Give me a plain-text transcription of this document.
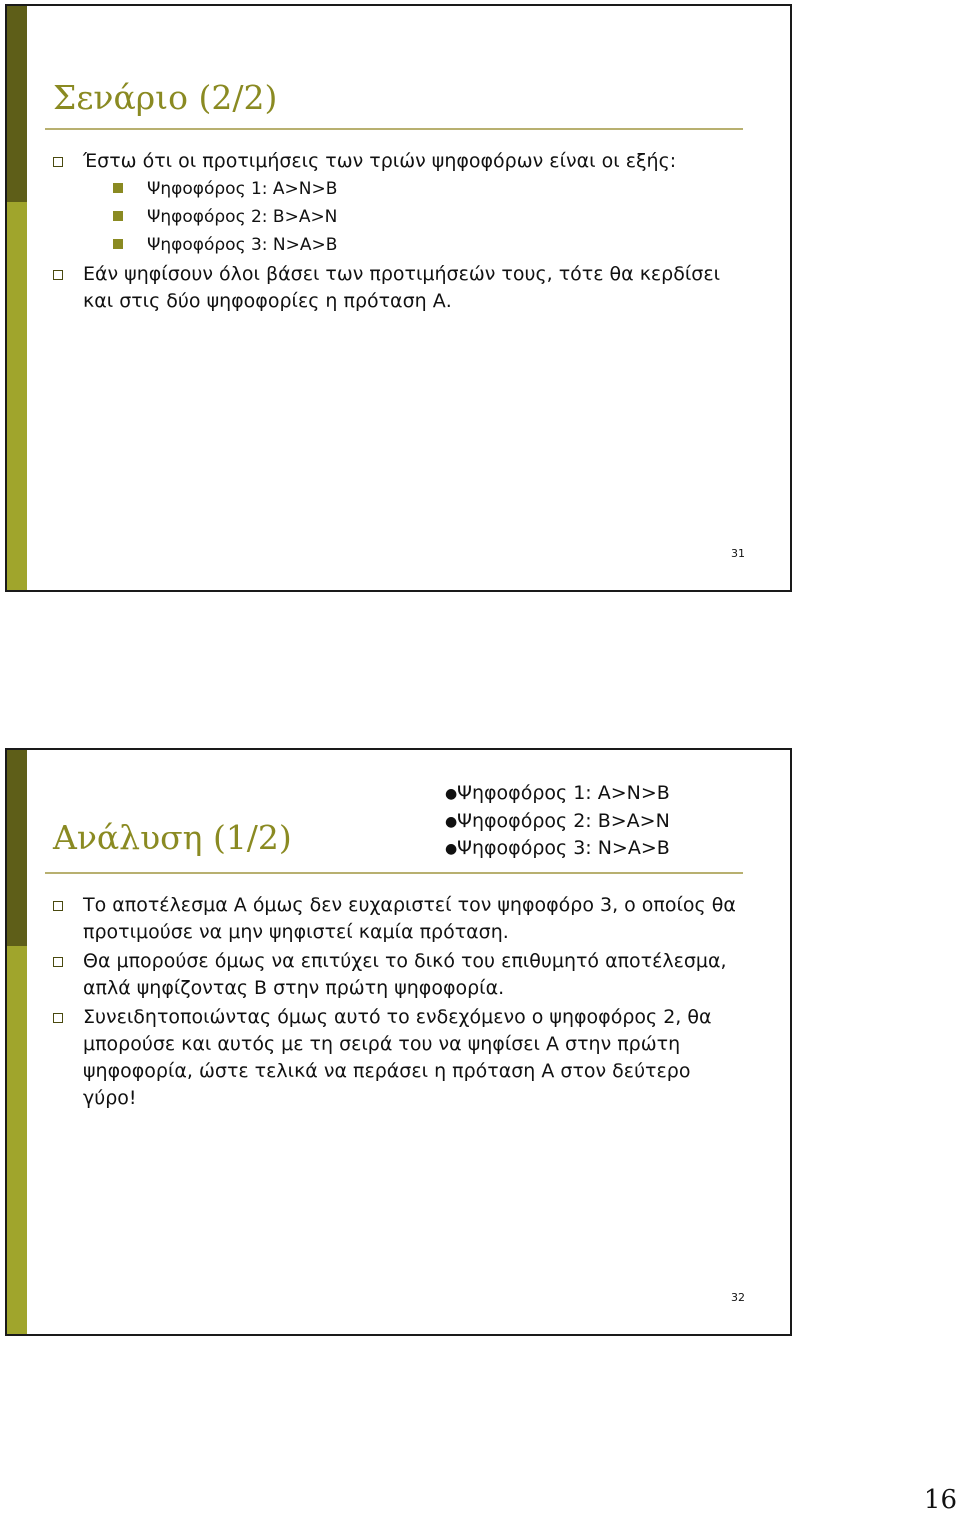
Σενάριο (2/2)
Έστω ότι οι προτιμήσεις των τριών ψηφοφόρων είναι οι εξής:
Ψηφοφόρος 1: A>N>B
Ψηφοφόρος 2: B>A>N
Ψηφοφόρος 3: N>A>B
Εάν ψηφίσουν όλοι βάσει των προτιμήσεών τους, τότε θα κερδίσει και στις δύο ψηφοφορίες η πρόταση Α.
31
Ανάλυση (1/2)
●Ψηφοφόρος 1: A>N>B
●Ψηφοφόρος 2: B>A>N
●Ψηφοφόρος 3: N>A>B
Το αποτέλεσμα Α όμως δεν ευχαριστεί τον ψηφοφόρο 3, ο οποίος θα προτιμούσε να μην ψηφιστεί καμία πρόταση.
Θα μπορούσε όμως να επιτύχει το δικό του επιθυμητό αποτέλεσμα, απλά ψηφίζοντας Β στην πρώτη ψηφοφορία.
Συνειδητοποιώντας όμως αυτό το ενδεχόμενο ο ψηφοφόρος 2, θα μπορούσε και αυτός με τη σειρά του να ψηφίσει Α στην πρώτη ψηφοφορία, ώστε τελικά να περάσει η πρόταση Α στον δεύτερο γύρο!
32
16
